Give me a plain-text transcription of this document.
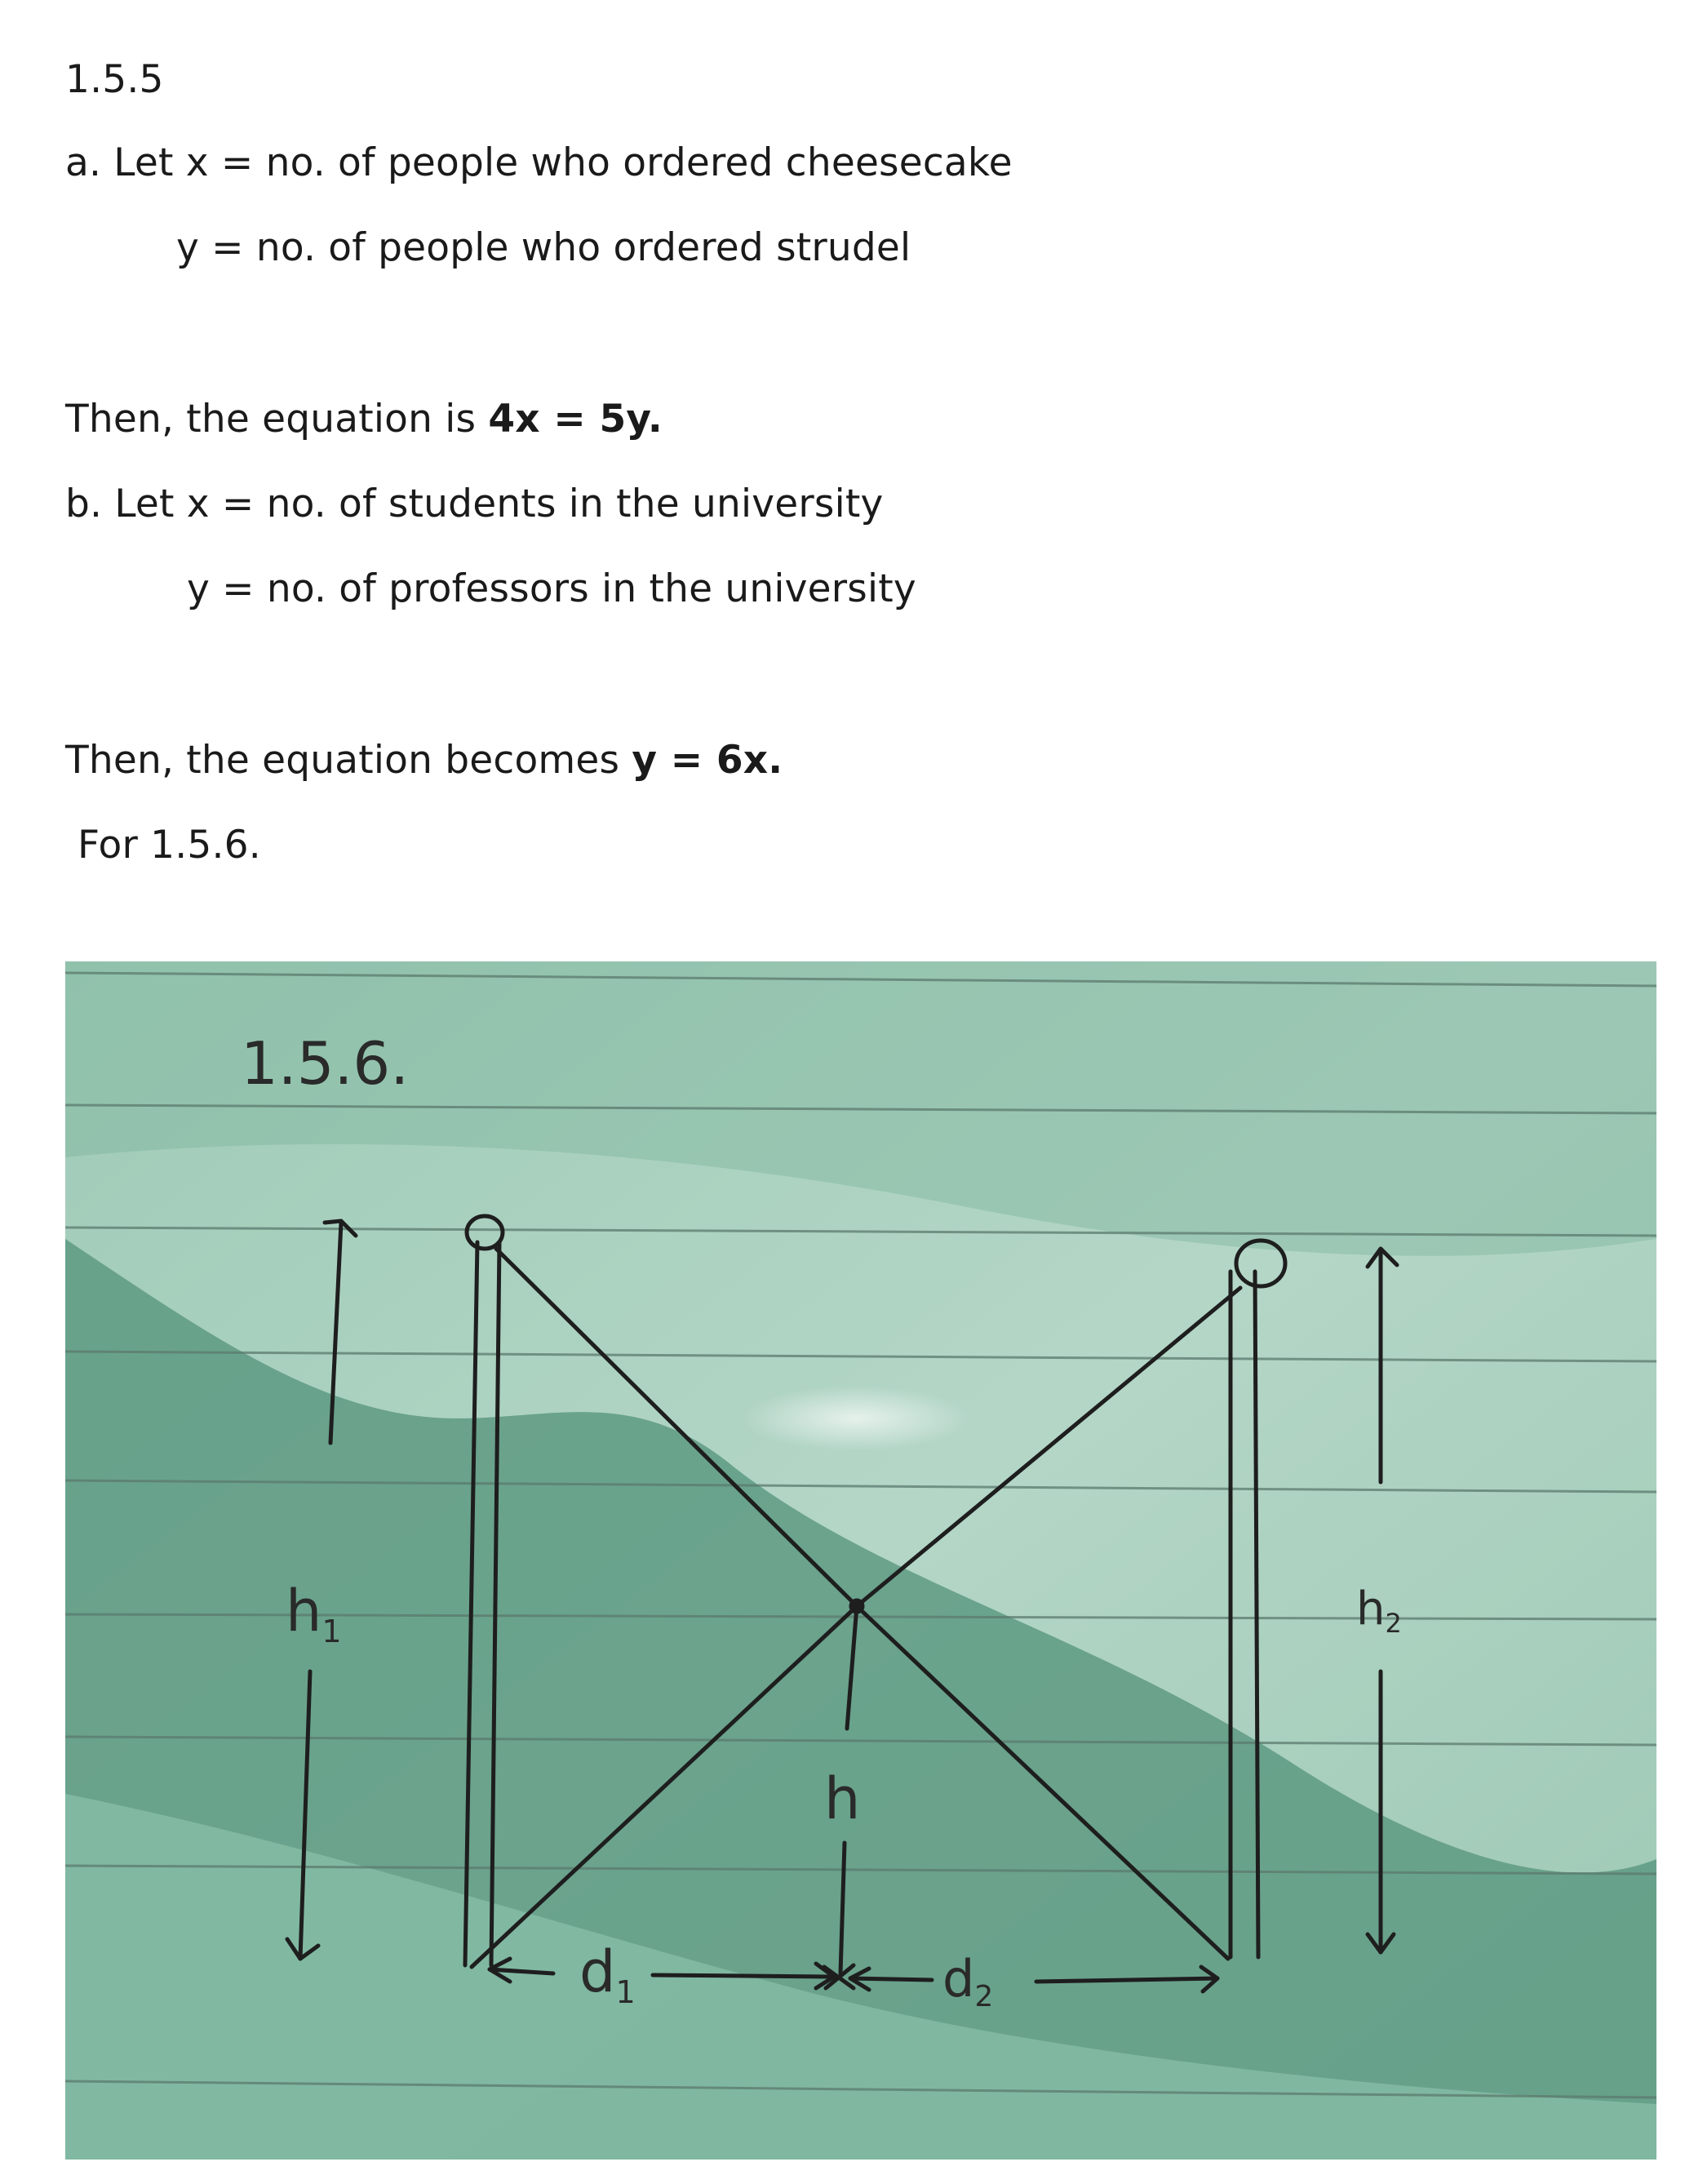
1.5.5
a. Let x = no. of people who ordered cheesecake
y = no. of people who ordered strudel
Then, the equation is 4x = 5y.
b. Let x = no. of students in the university
y = no. of professors in the university
Then, the equation becomes y = 6x.
For 1.5.6.
1.5.6.
$h_1$	h2
h
$d_1$	d2
